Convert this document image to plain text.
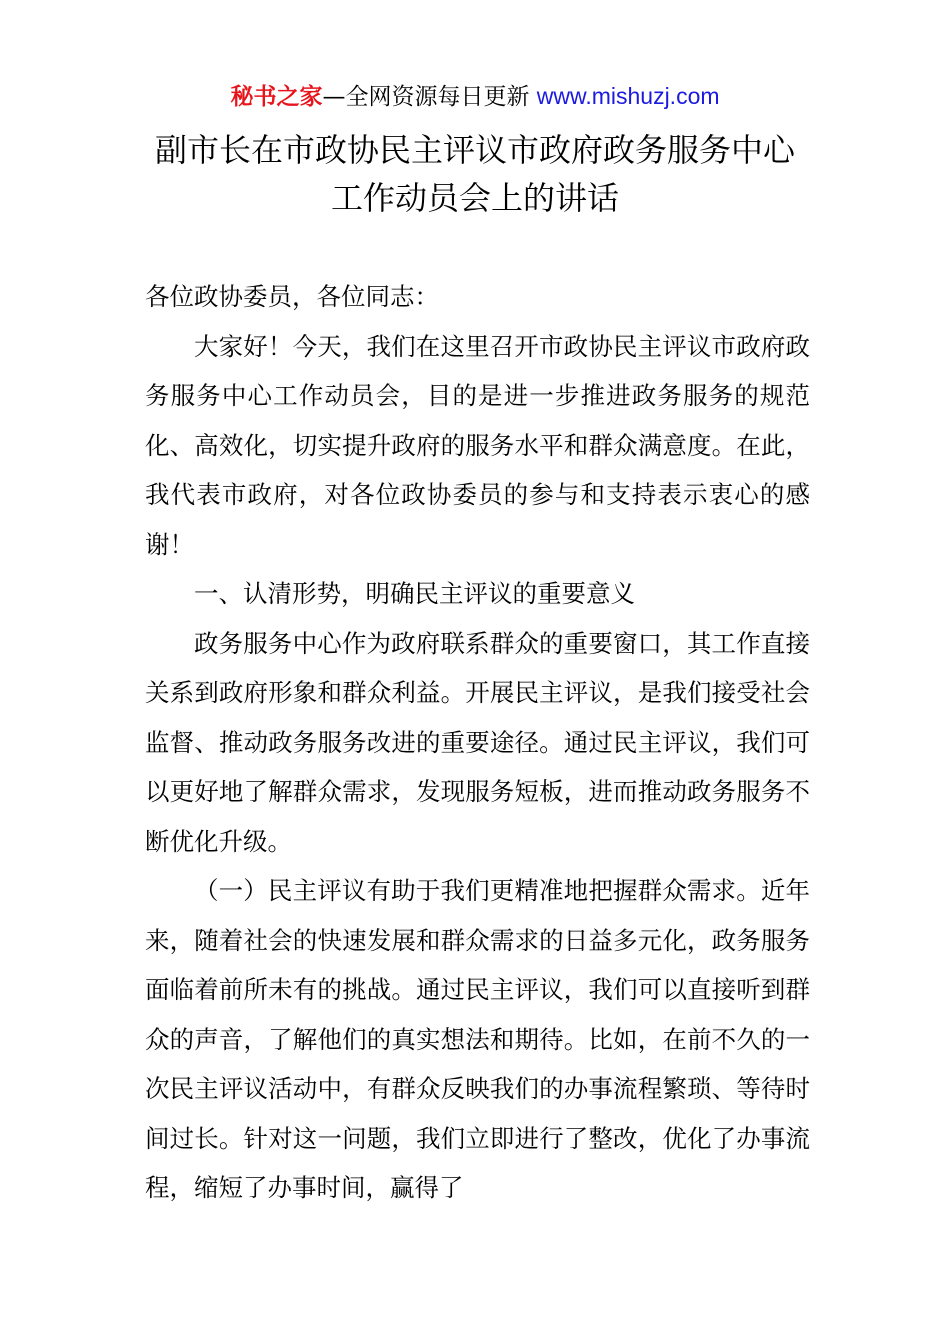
秘书之家—全网资源每日更新 www.mishuzj.com
副市长在市政协民主评议市政府政务服务中心
工作动员会上的讲话

各位政协委员，各位同志：

大家好！今天，我们在这里召开市政协民主评议市政府政务服务中心工作动员会，目的是进一步推进政务服务的规范化、高效化，切实提升政府的服务水平和群众满意度。在此，我代表市政府，对各位政协委员的参与和支持表示衷心的感谢！

一、认清形势，明确民主评议的重要意义

政务服务中心作为政府联系群众的重要窗口，其工作直接关系到政府形象和群众利益。开展民主评议，是我们接受社会监督、推动政务服务改进的重要途径。通过民主评议，我们可以更好地了解群众需求，发现服务短板，进而推动政务服务不断优化升级。

（一）民主评议有助于我们更精准地把握群众需求。近年来，随着社会的快速发展和群众需求的日益多元化，政务服务面临着前所未有的挑战。通过民主评议，我们可以直接听到群众的声音，了解他们的真实想法和期待。比如，在前不久的一次民主评议活动中，有群众反映我们的办事流程繁琐、等待时间过长。针对这一问题，我们立即进行了整改，优化了办事流程，缩短了办事时间，赢得了
